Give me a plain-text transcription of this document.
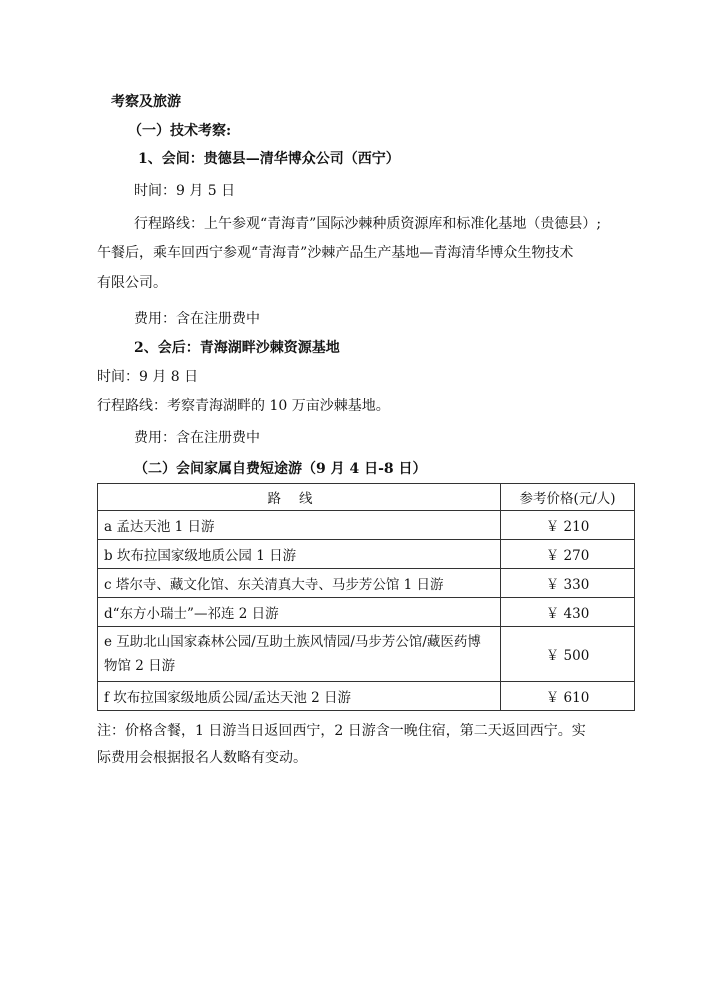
考察及旅游
（一）技术考察:
1、会间：贵德县—清华博众公司（西宁）
时间：9 月 5 日
行程路线：上午参观“青海青”国际沙棘种质资源库和标准化基地（贵德县）;
午餐后，乘车回西宁参观“青海青”沙棘产品生产基地—青海清华博众生物技术
有限公司。
费用：含在注册费中
2、会后：青海湖畔沙棘资源基地
时间：9 月 8 日
行程路线：考察青海湖畔的 10 万亩沙棘基地。
费用：含在注册费中
（二）会间家属自费短途游（9 月 4 日-8 日）
路线	参考价格(元/人)
a 孟达天池 1 日游	￥ 210
b 坎布拉国家级地质公园 1 日游	￥ 270
c 塔尔寺、藏文化馆、东关清真大寺、马步芳公馆 1 日游	￥ 330
d“东方小瑞士”—祁连 2 日游	￥ 430
e 互助北山国家森林公园/互助土族风情园/马步芳公馆/藏医药博物馆 2 日游	￥ 500
f 坎布拉国家级地质公园/孟达天池 2 日游	￥ 610
注：价格含餐，1 日游当日返回西宁，2 日游含一晚住宿，第二天返回西宁。实
际费用会根据报名人数略有变动。
